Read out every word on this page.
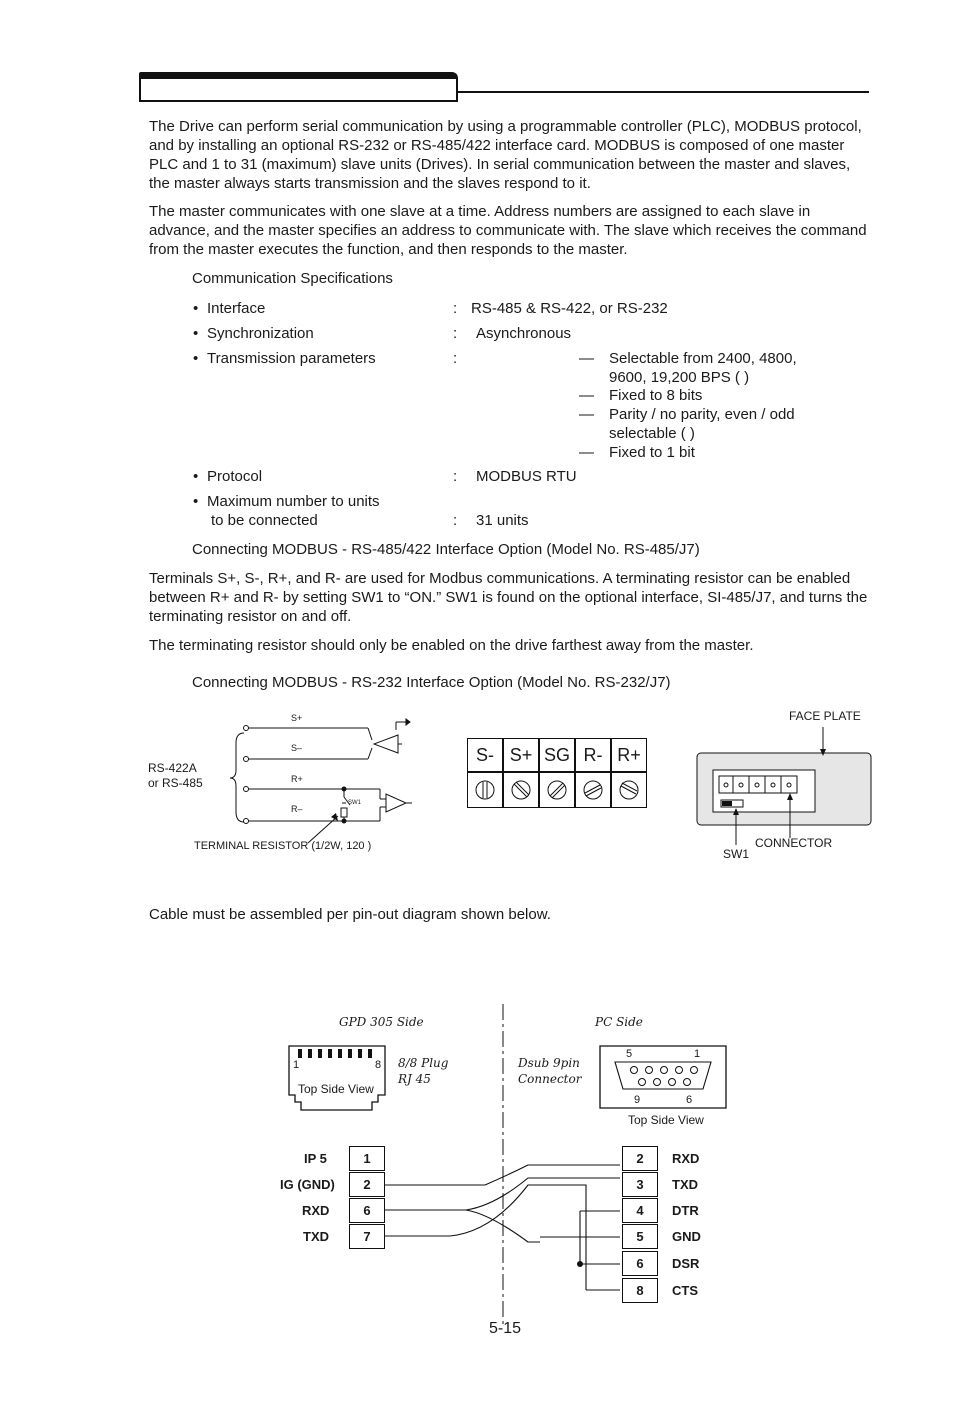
The Drive can perform serial communication by using a programmable controller (PLC), MODBUS protocol, and by installing an optional RS-232 or RS-485/422 interface card. MODBUS is composed of one master PLC and 1 to 31 (maximum) slave units (Drives). In serial communication between the master and slaves, the master always starts transmission and the slaves respond to it.

The master communicates with one slave at a time. Address numbers are assigned to each slave in advance, and the master specifies an address to communicate with. The slave which receives the command from the master executes the function, and then responds to the master.

Communication Specifications
• Interface	: RS-485 & RS-422, or RS-232
• Synchronization	: Asynchronous
• Transmission parameters	:	— Selectable from 2400, 4800,
9600, 19,200 BPS ( )
— Fixed to 8 bits
— Parity / no parity, even / odd
selectable ( )
— Fixed to 1 bit
• Protocol	: MODBUS RTU
• Maximum number to units
to be connected	: 31 units
Connecting MODBUS - RS-485/422 Interface Option (Model No. RS-485/J7)

Terminals S+, S-, R+, and R- are used for Modbus communications. A terminating resistor can be enabled between R+ and R- by setting SW1 to “ON.” SW1 is found on the optional interface, SI-485/J7, and turns the terminating resistor on and off.

The terminating resistor should only be enabled on the drive farthest away from the master.

Connecting MODBUS - RS-232 Interface Option (Model No. RS-232/J7)
S+
S–
R+
R–
SW1
RS-422A
or RS-485
TERMINAL RESISTOR (1/2W, 120 )
S- S+ SG R- R+
FACE PLATE
CONNECTOR
SW1

Cable must be assembled per pin-out diagram shown below.

GPD 305 Side	PC Side
8/8 Plug
RJ 45
Dsub 9pin
Connector
1	8
Top Side View
5	1
9	6
Top Side View
IP 5	1
IG (GND)	2
RXD	6
TXD	7
2	RXD
3	TXD
4	DTR
5	GND
6	DSR
8	CTS
5-15
